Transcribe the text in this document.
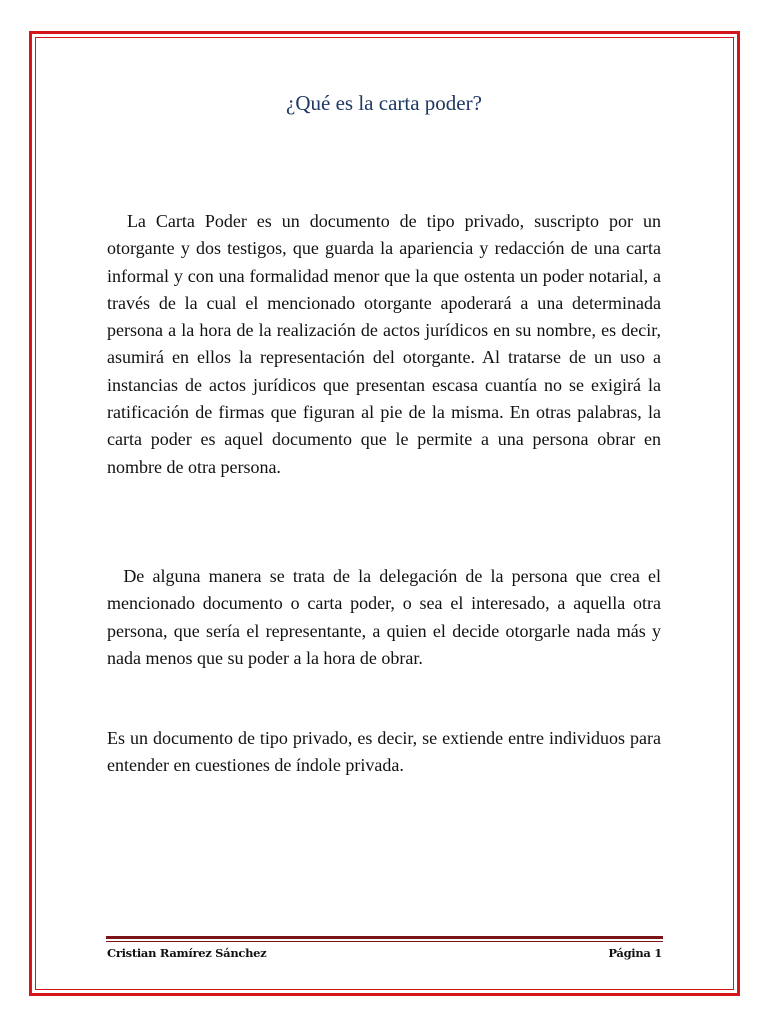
¿Qué es la carta poder?

La Carta Poder es un documento de tipo privado, suscripto por un otorgante y dos testigos, que guarda la apariencia y redacción de una carta informal y con una formalidad menor que la que ostenta un poder notarial, a través de la cual el mencionado otorgante apoderará a una determinada persona a la hora de la realización de actos jurídicos en su nombre, es decir, asumirá en ellos la representación del otorgante. Al tratarse de un uso a instancias de actos jurídicos que presentan escasa cuantía no se exigirá la ratificación de firmas que figuran al pie de la misma. En otras palabras, la carta poder es aquel documento que le permite a una persona obrar en nombre de otra persona.

De alguna manera se trata de la delegación de la persona que crea el mencionado documento o carta poder, o sea el interesado, a aquella otra persona, que sería el representante, a quien el decide otorgarle nada más y nada menos que su poder a la hora de obrar.

Es un documento de tipo privado, es decir, se extiende entre individuos para entender en cuestiones de índole privada.

Cristian Ramírez Sánchez	Página 1
